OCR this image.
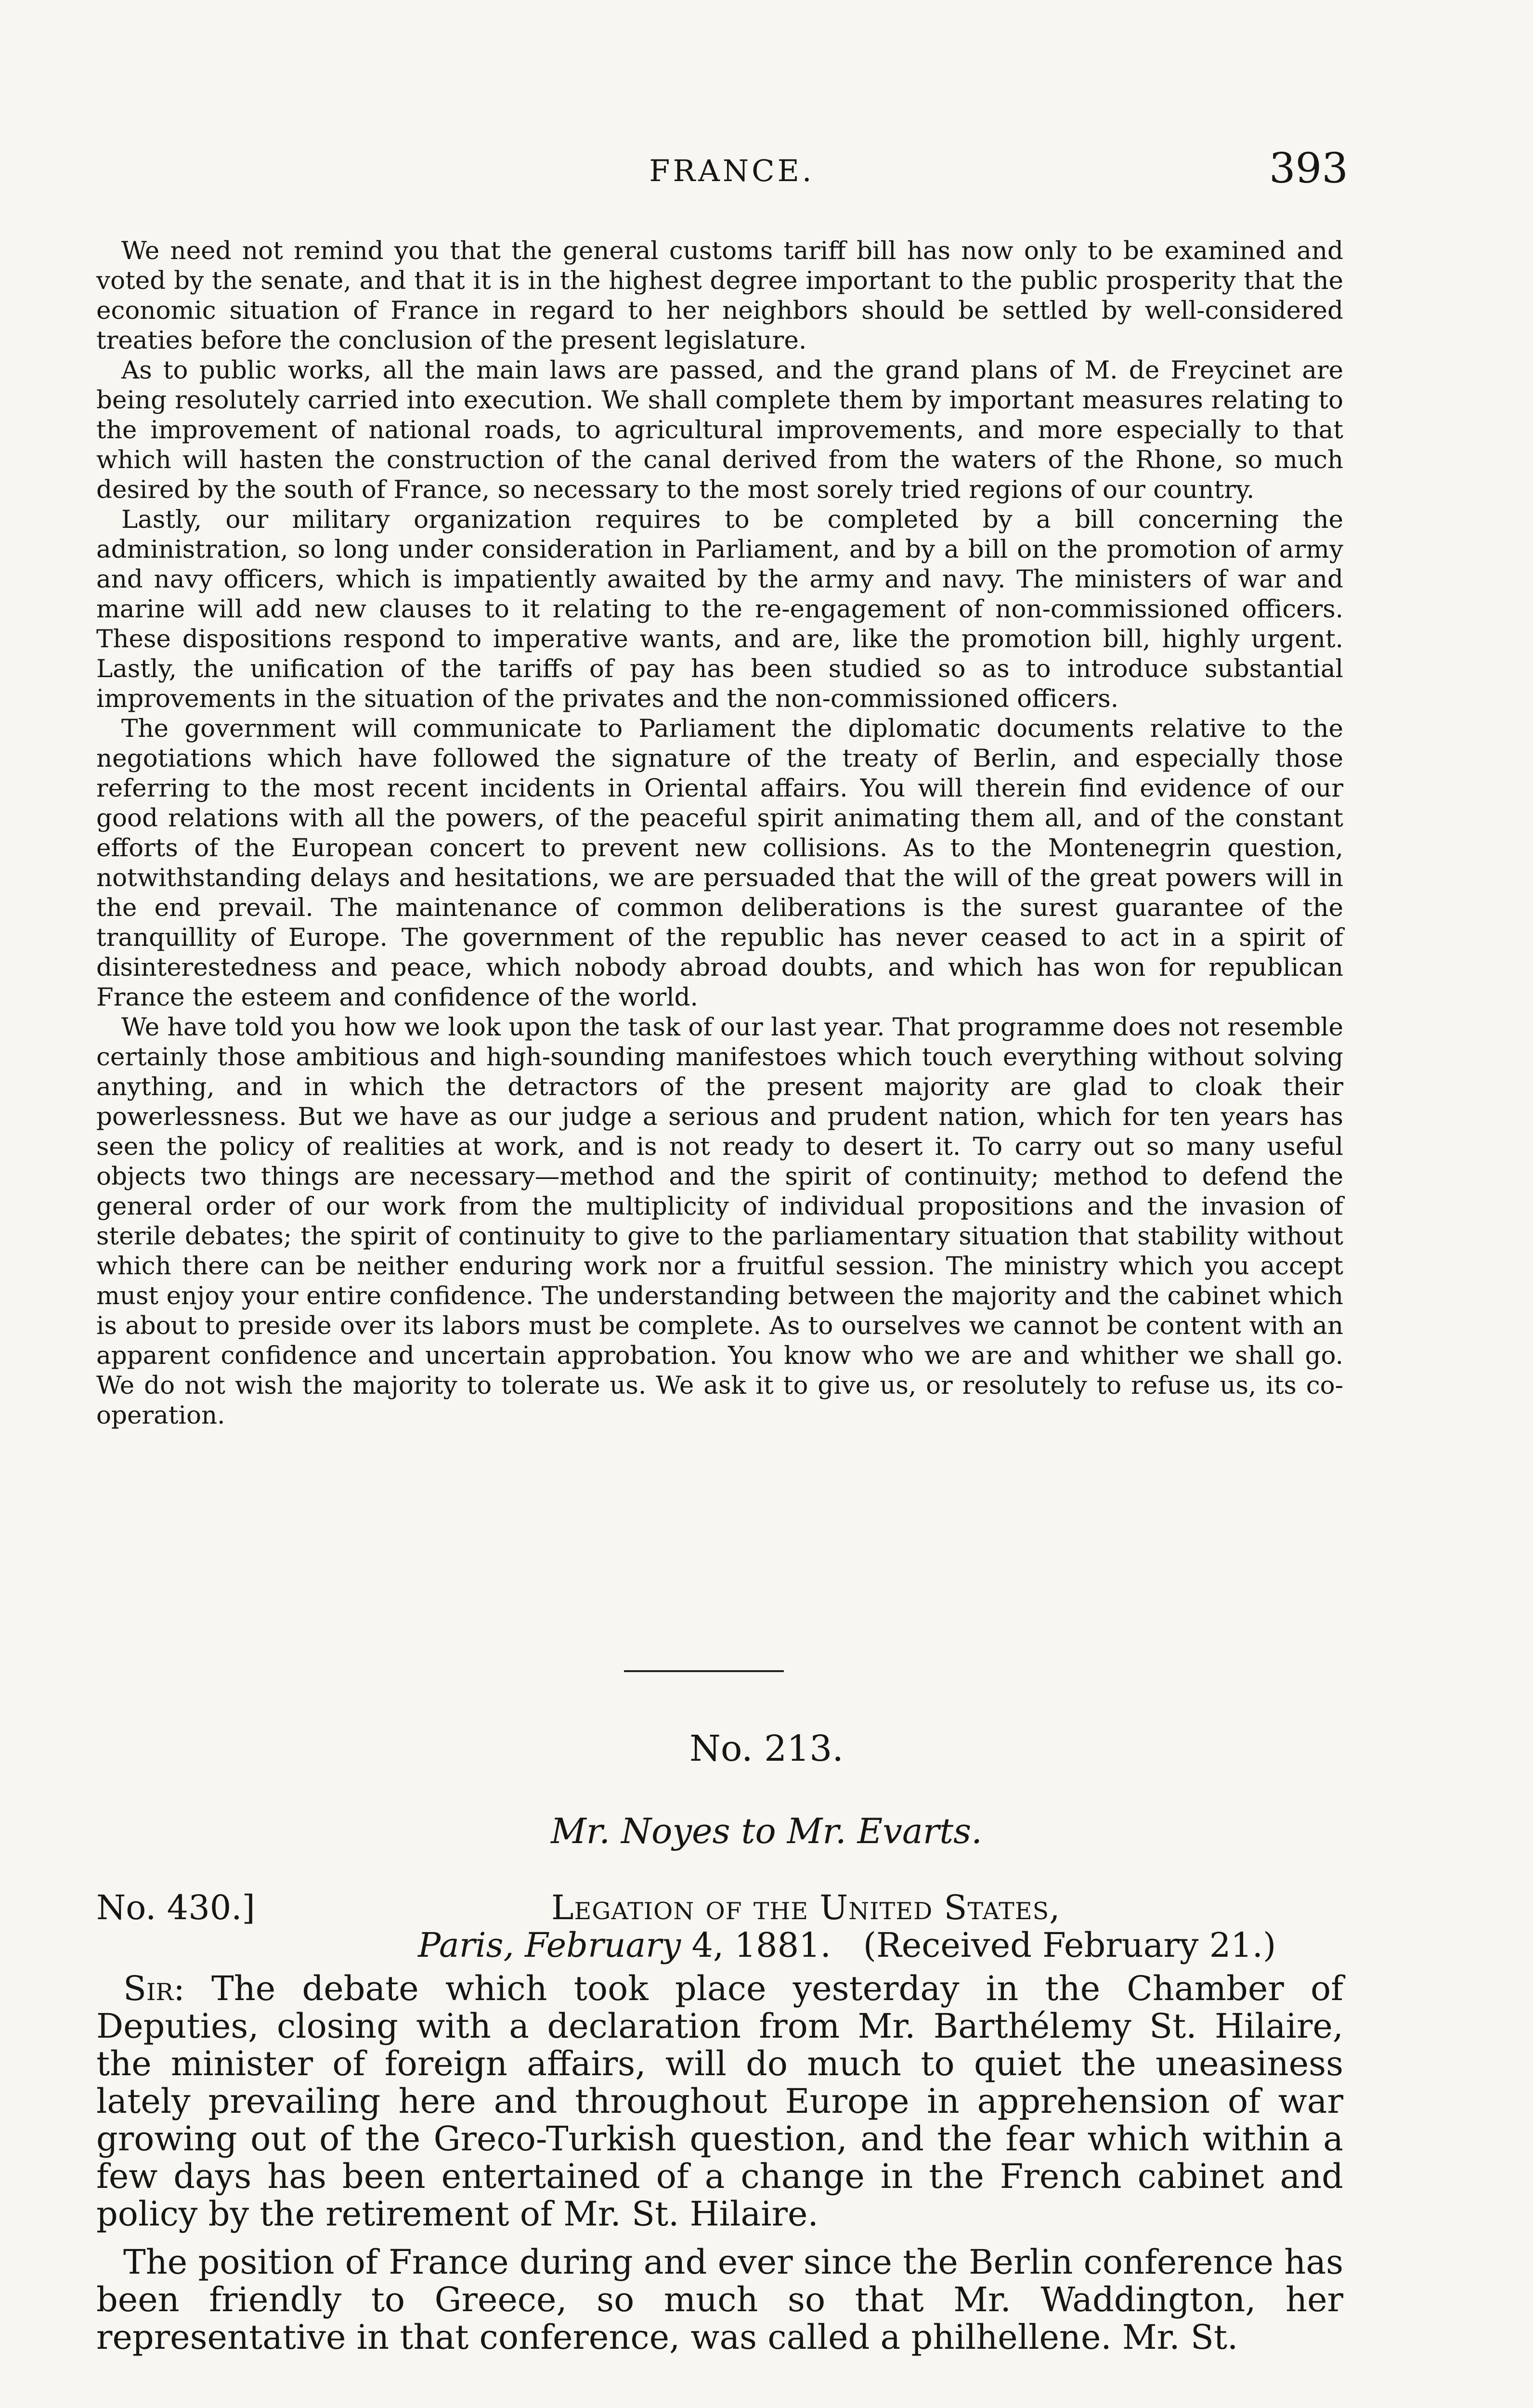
FRANCE.	393

We need not remind you that the general customs tariff bill has now only to be examined and voted by the senate, and that it is in the highest degree important to the public prosperity that the economic situation of France in regard to her neighbors should be settled by well-considered treaties before the conclusion of the present legislature.

As to public works, all the main laws are passed, and the grand plans of M. de Freycinet are being resolutely carried into execution. We shall complete them by important measures relating to the improvement of national roads, to agricultural improvements, and more especially to that which will hasten the construction of the canal derived from the waters of the Rhone, so much desired by the south of France, so necessary to the most sorely tried regions of our country.

Lastly, our military organization requires to be completed by a bill concerning the administration, so long under consideration in Parliament, and by a bill on the promotion of army and navy officers, which is impatiently awaited by the army and navy. The ministers of war and marine will add new clauses to it relating to the re-engagement of non-commissioned officers. These dispositions respond to imperative wants, and are, like the promotion bill, highly urgent. Lastly, the unification of the tariffs of pay has been studied so as to introduce substantial improvements in the situation of the privates and the non-commissioned officers.

The government will communicate to Parliament the diplomatic documents relative to the negotiations which have followed the signature of the treaty of Berlin, and especially those referring to the most recent incidents in Oriental affairs. You will therein find evidence of our good relations with all the powers, of the peaceful spirit animating them all, and of the constant efforts of the European concert to prevent new collisions. As to the Montenegrin question, notwithstanding delays and hesitations, we are persuaded that the will of the great powers will in the end prevail. The maintenance of common deliberations is the surest guarantee of the tranquillity of Europe. The government of the republic has never ceased to act in a spirit of disinterestedness and peace, which nobody abroad doubts, and which has won for republican France the esteem and confidence of the world.

We have told you how we look upon the task of our last year. That programme does not resemble certainly those ambitious and high-sounding manifestoes which touch everything without solving anything, and in which the detractors of the present majority are glad to cloak their powerlessness. But we have as our judge a serious and prudent nation, which for ten years has seen the policy of realities at work, and is not ready to desert it. To carry out so many useful objects two things are necessary—method and the spirit of continuity; method to defend the general order of our work from the multiplicity of individual propositions and the invasion of sterile debates; the spirit of continuity to give to the parliamentary situation that stability without which there can be neither enduring work nor a fruitful session. The ministry which you accept must enjoy your entire confidence. The understanding between the majority and the cabinet which is about to preside over its labors must be complete. As to ourselves we cannot be content with an apparent confidence and uncertain approbation. You know who we are and whither we shall go. We do not wish the majority to tolerate us. We ask it to give us, or resolutely to refuse us, its co-operation.

No. 213.
Mr. Noyes to Mr. Evarts.
No. 430.]	Legation of the United States,
Paris, February 4, 1881. (Received February 21.)

Sir: The debate which took place yesterday in the Chamber of Deputies, closing with a declaration from Mr. Barthélemy St. Hilaire, the minister of foreign affairs, will do much to quiet the uneasiness lately prevailing here and throughout Europe in apprehension of war growing out of the Greco-Turkish question, and the fear which within a few days has been entertained of a change in the French cabinet and policy by the retirement of Mr. St. Hilaire.

The position of France during and ever since the Berlin conference has been friendly to Greece, so much so that Mr. Waddington, her representative in that conference, was called a philhellene. Mr. St.
